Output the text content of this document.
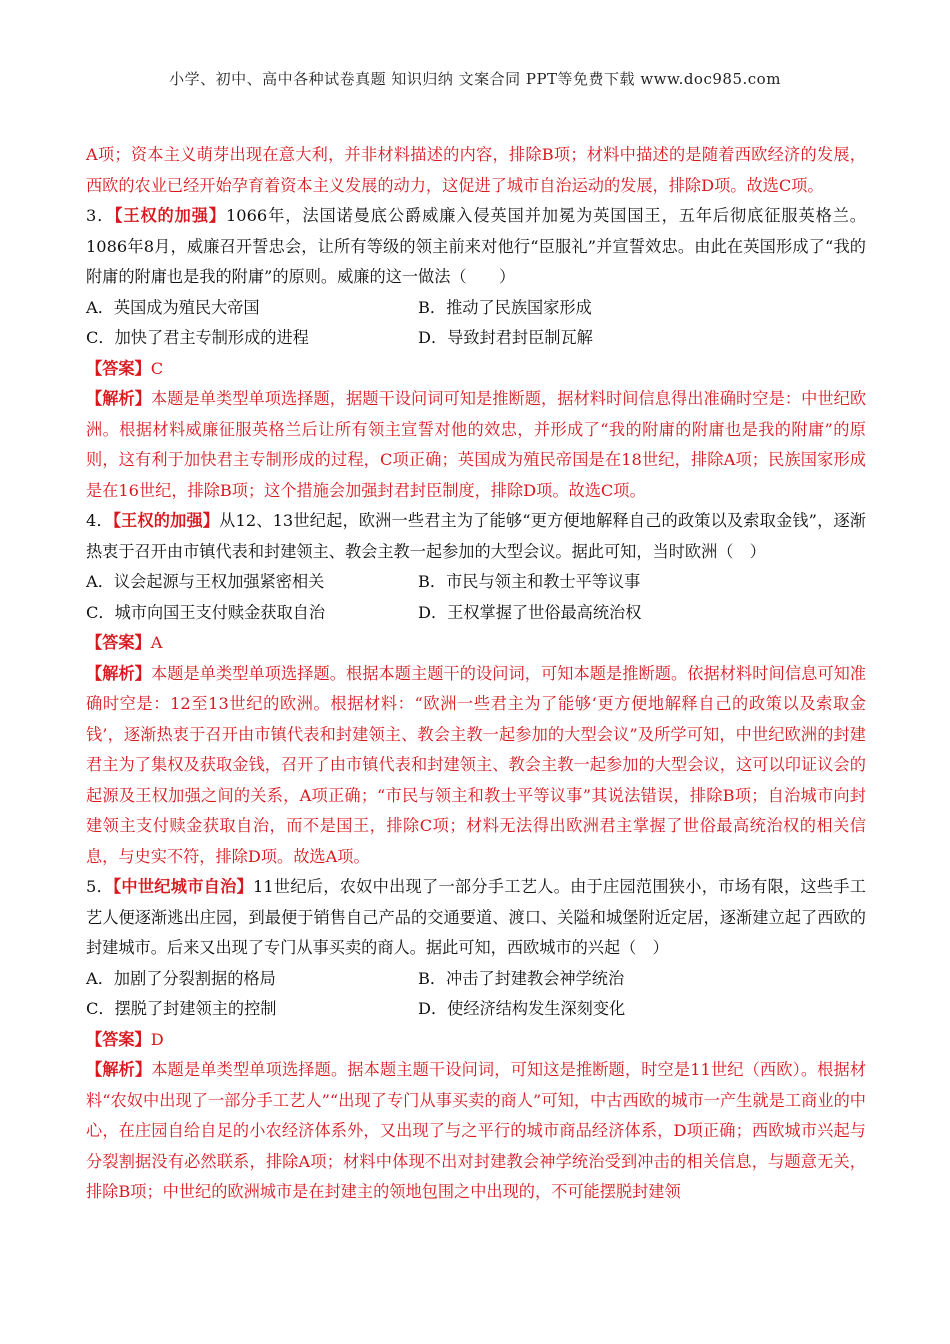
小学、初中、高中各种试卷真题 知识归纳 文案合同 PPT等免费下载 www.doc985.com

A项；资本主义萌芽出现在意大利，并非材料描述的内容，排除B项；材料中描述的是随着西欧经济的发展，西欧的农业已经开始孕育着资本主义发展的动力，这促进了城市自治运动的发展，排除D项。故选C项。

3．【王权的加强】1066年，法国诺曼底公爵威廉入侵英国并加冕为英国国王，五年后彻底征服英格兰。1086年8月，威廉召开誓忠会，让所有等级的领主前来对他行“臣服礼”并宣誓效忠。由此在英国形成了“我的附庸的附庸也是我的附庸”的原则。威廉的这一做法（　　）

A．英国成为殖民大帝国	B．推动了民族国家形成
C．加快了君主专制形成的进程	D．导致封君封臣制瓦解

【答案】C

【解析】本题是单类型单项选择题，据题干设问词可知是推断题，据材料时间信息得出准确时空是：中世纪欧洲。根据材料威廉征服英格兰后让所有领主宣誓对他的效忠，并形成了“我的附庸的附庸也是我的附庸”的原则，这有利于加快君主专制形成的过程，C项正确；英国成为殖民帝国是在18世纪，排除A项；民族国家形成是在16世纪，排除B项；这个措施会加强封君封臣制度，排除D项。故选C项。

4．【王权的加强】从12、13世纪起，欧洲一些君主为了能够“更方便地解释自己的政策以及索取金钱”，逐渐热衷于召开由市镇代表和封建领主、教会主教一起参加的大型会议。据此可知，当时欧洲（　）

A．议会起源与王权加强紧密相关	B．市民与领主和教士平等议事
C．城市向国王支付赎金获取自治	D．王权掌握了世俗最高统治权

【答案】A

【解析】本题是单类型单项选择题。根据本题主题干的设问词，可知本题是推断题。依据材料时间信息可知准确时空是：12至13世纪的欧洲。根据材料：“欧洲一些君主为了能够‘更方便地解释自己的政策以及索取金钱’，逐渐热衷于召开由市镇代表和封建领主、教会主教一起参加的大型会议”及所学可知，中世纪欧洲的封建君主为了集权及获取金钱，召开了由市镇代表和封建领主、教会主教一起参加的大型会议，这可以印证议会的起源及王权加强之间的关系，A项正确；“市民与领主和教士平等议事”其说法错误，排除B项；自治城市向封建领主支付赎金获取自治，而不是国王，排除C项；材料无法得出欧洲君主掌握了世俗最高统治权的相关信息，与史实不符，排除D项。故选A项。

5．【中世纪城市自治】11世纪后，农奴中出现了一部分手工艺人。由于庄园范围狭小，市场有限，这些手工艺人便逐渐逃出庄园，到最便于销售自己产品的交通要道、渡口、关隘和城堡附近定居，逐渐建立起了西欧的封建城市。后来又出现了专门从事买卖的商人。据此可知，西欧城市的兴起（　）

A．加剧了分裂割据的格局	B．冲击了封建教会神学统治
C．摆脱了封建领主的控制	D．使经济结构发生深刻变化

【答案】D

【解析】本题是单类型单项选择题。据本题主题干设问词，可知这是推断题，时空是11世纪（西欧）。根据材料“农奴中出现了一部分手工艺人”“出现了专门从事买卖的商人”可知，中古西欧的城市一产生就是工商业的中心，在庄园自给自足的小农经济体系外，又出现了与之平行的城市商品经济体系，D项正确；西欧城市兴起与分裂割据没有必然联系，排除A项；材料中体现不出对封建教会神学统治受到冲击的相关信息，与题意无关，排除B项；中世纪的欧洲城市是在封建主的领地包围之中出现的，不可能摆脱封建领
